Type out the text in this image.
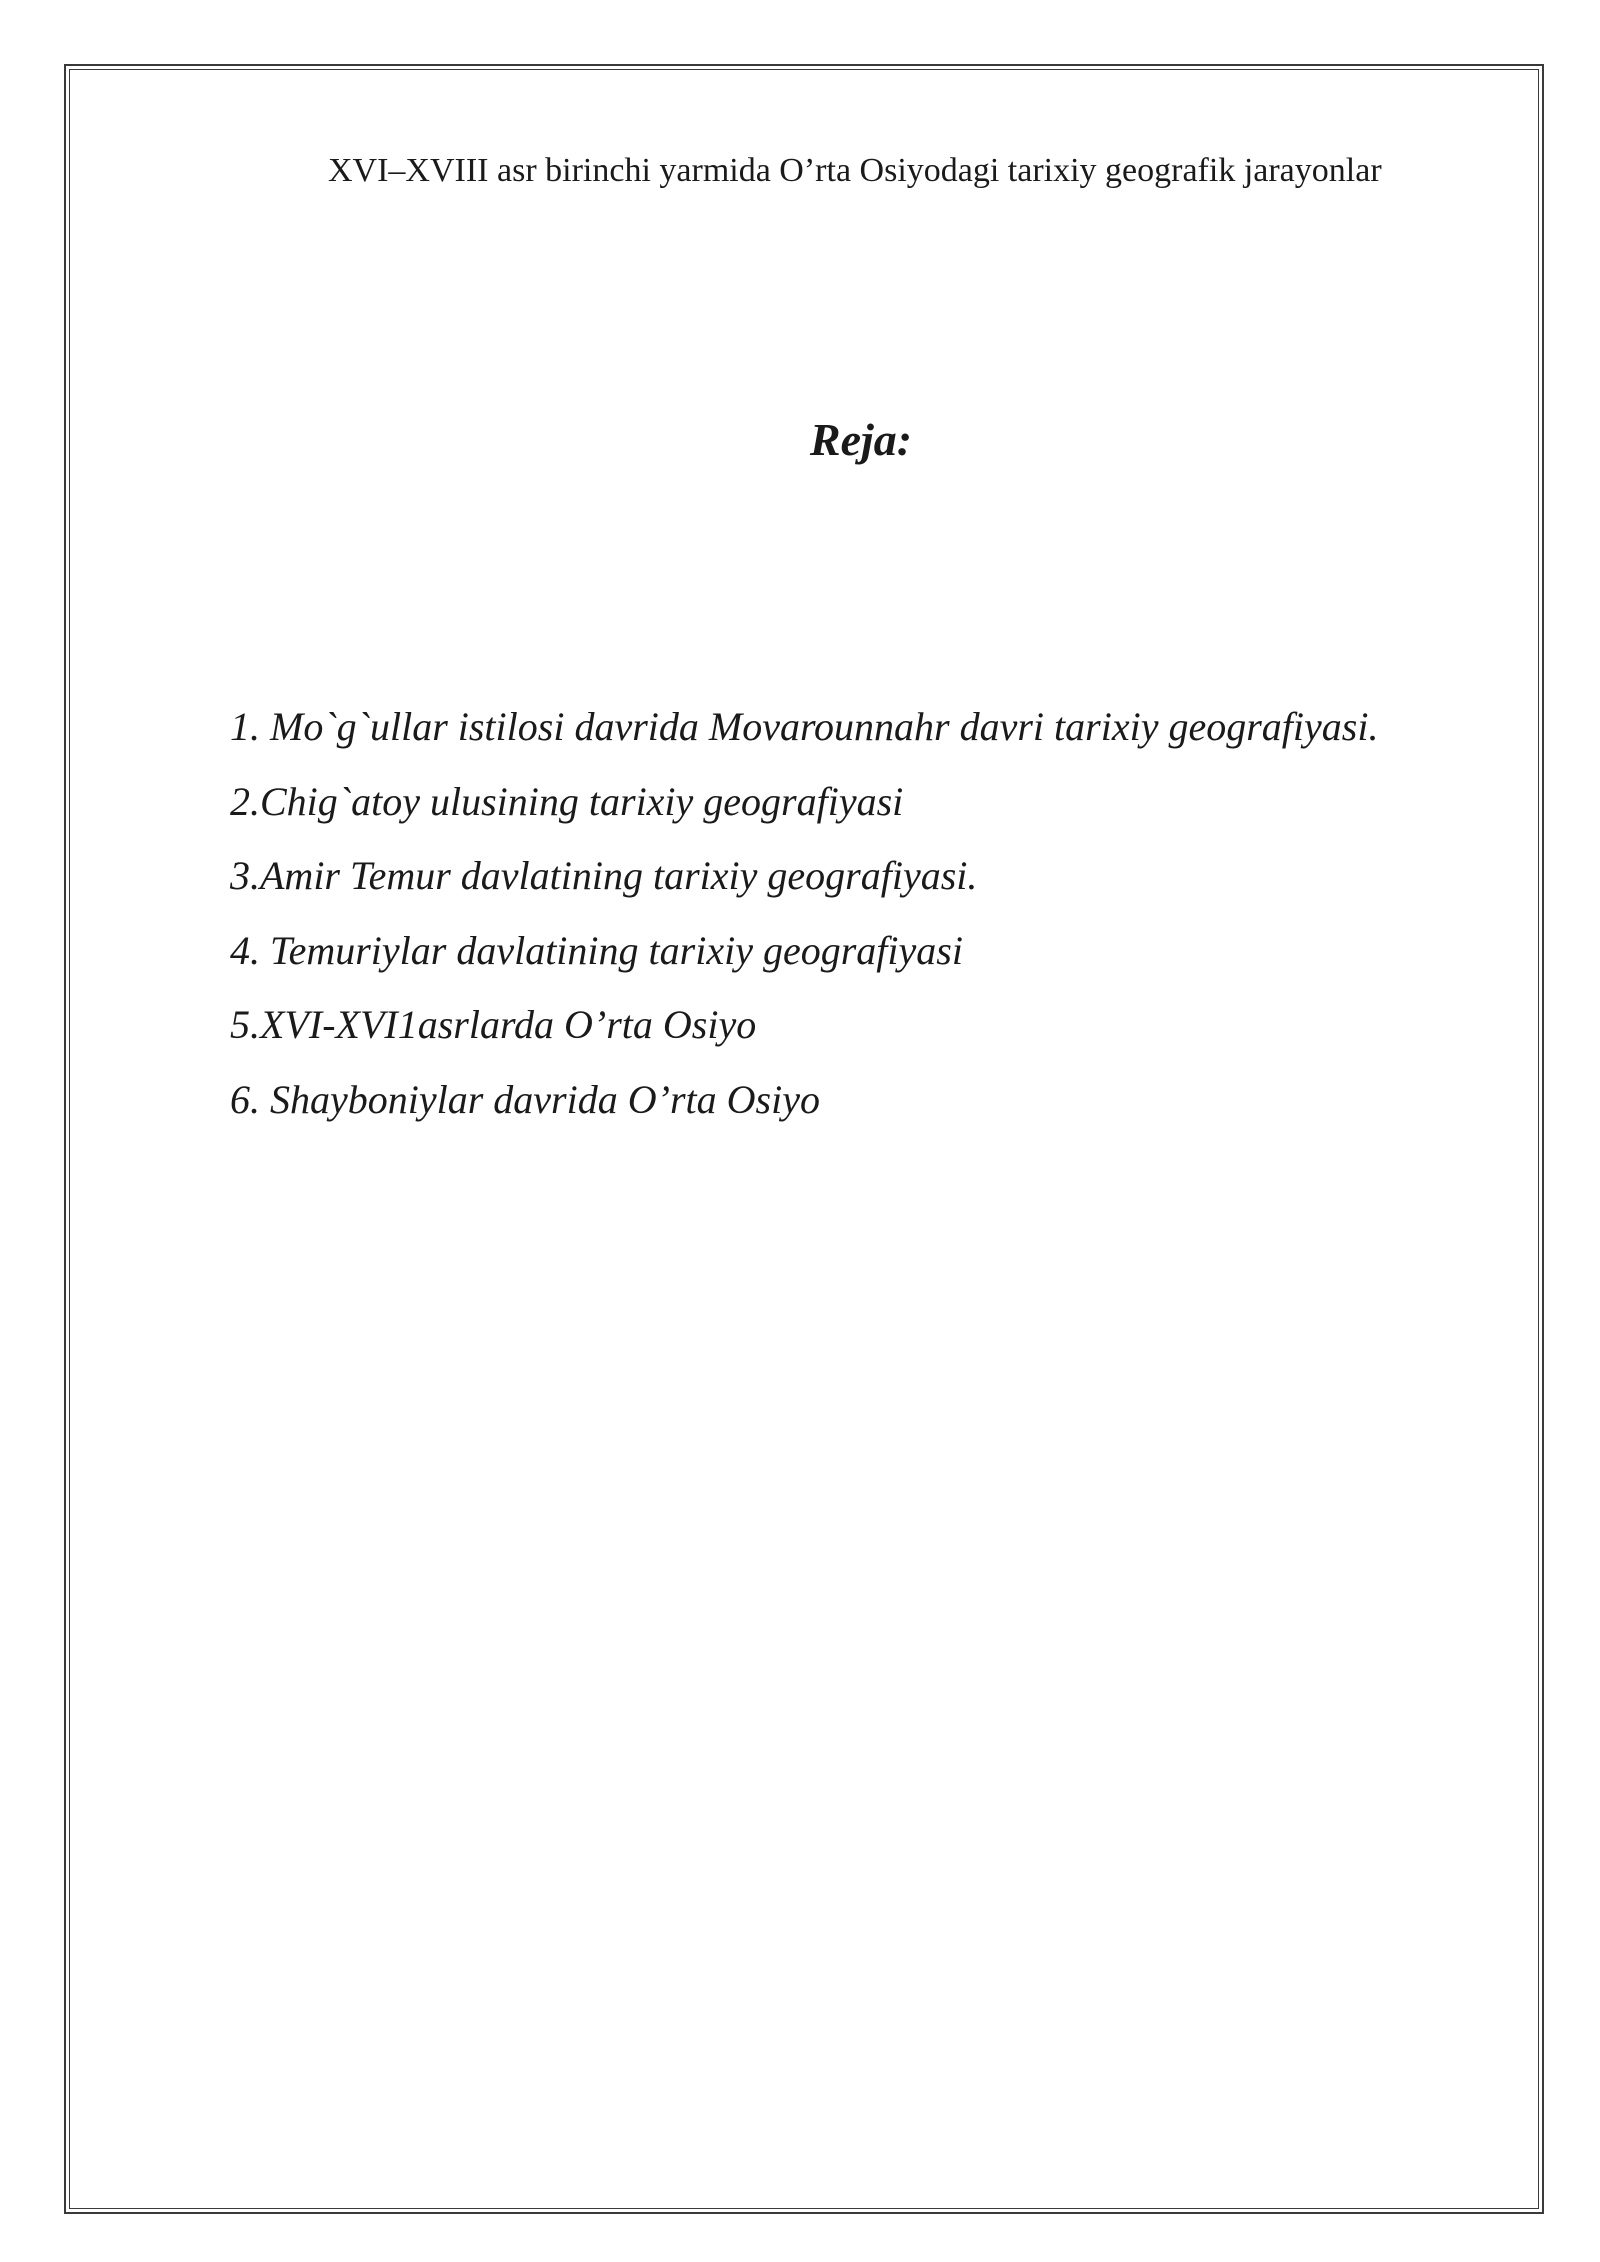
XVI–XVIII asr birinchi yarmida O’rta Osiyodagi tarixiy geografik jarayonlar

Reja:
1. Mo`g`ullar istilosi davrida Movarounnahr davri tarixiy geografiyasi.
2.Chig`atoy ulusining tarixiy geografiyasi
3.Amir Temur davlatining tarixiy geografiyasi.
4. Temuriylar davlatining tarixiy geografiyasi
5.XVI-XVI1asrlarda O’rta Osiyo
6. Shayboniylar davrida O’rta Osiyo
